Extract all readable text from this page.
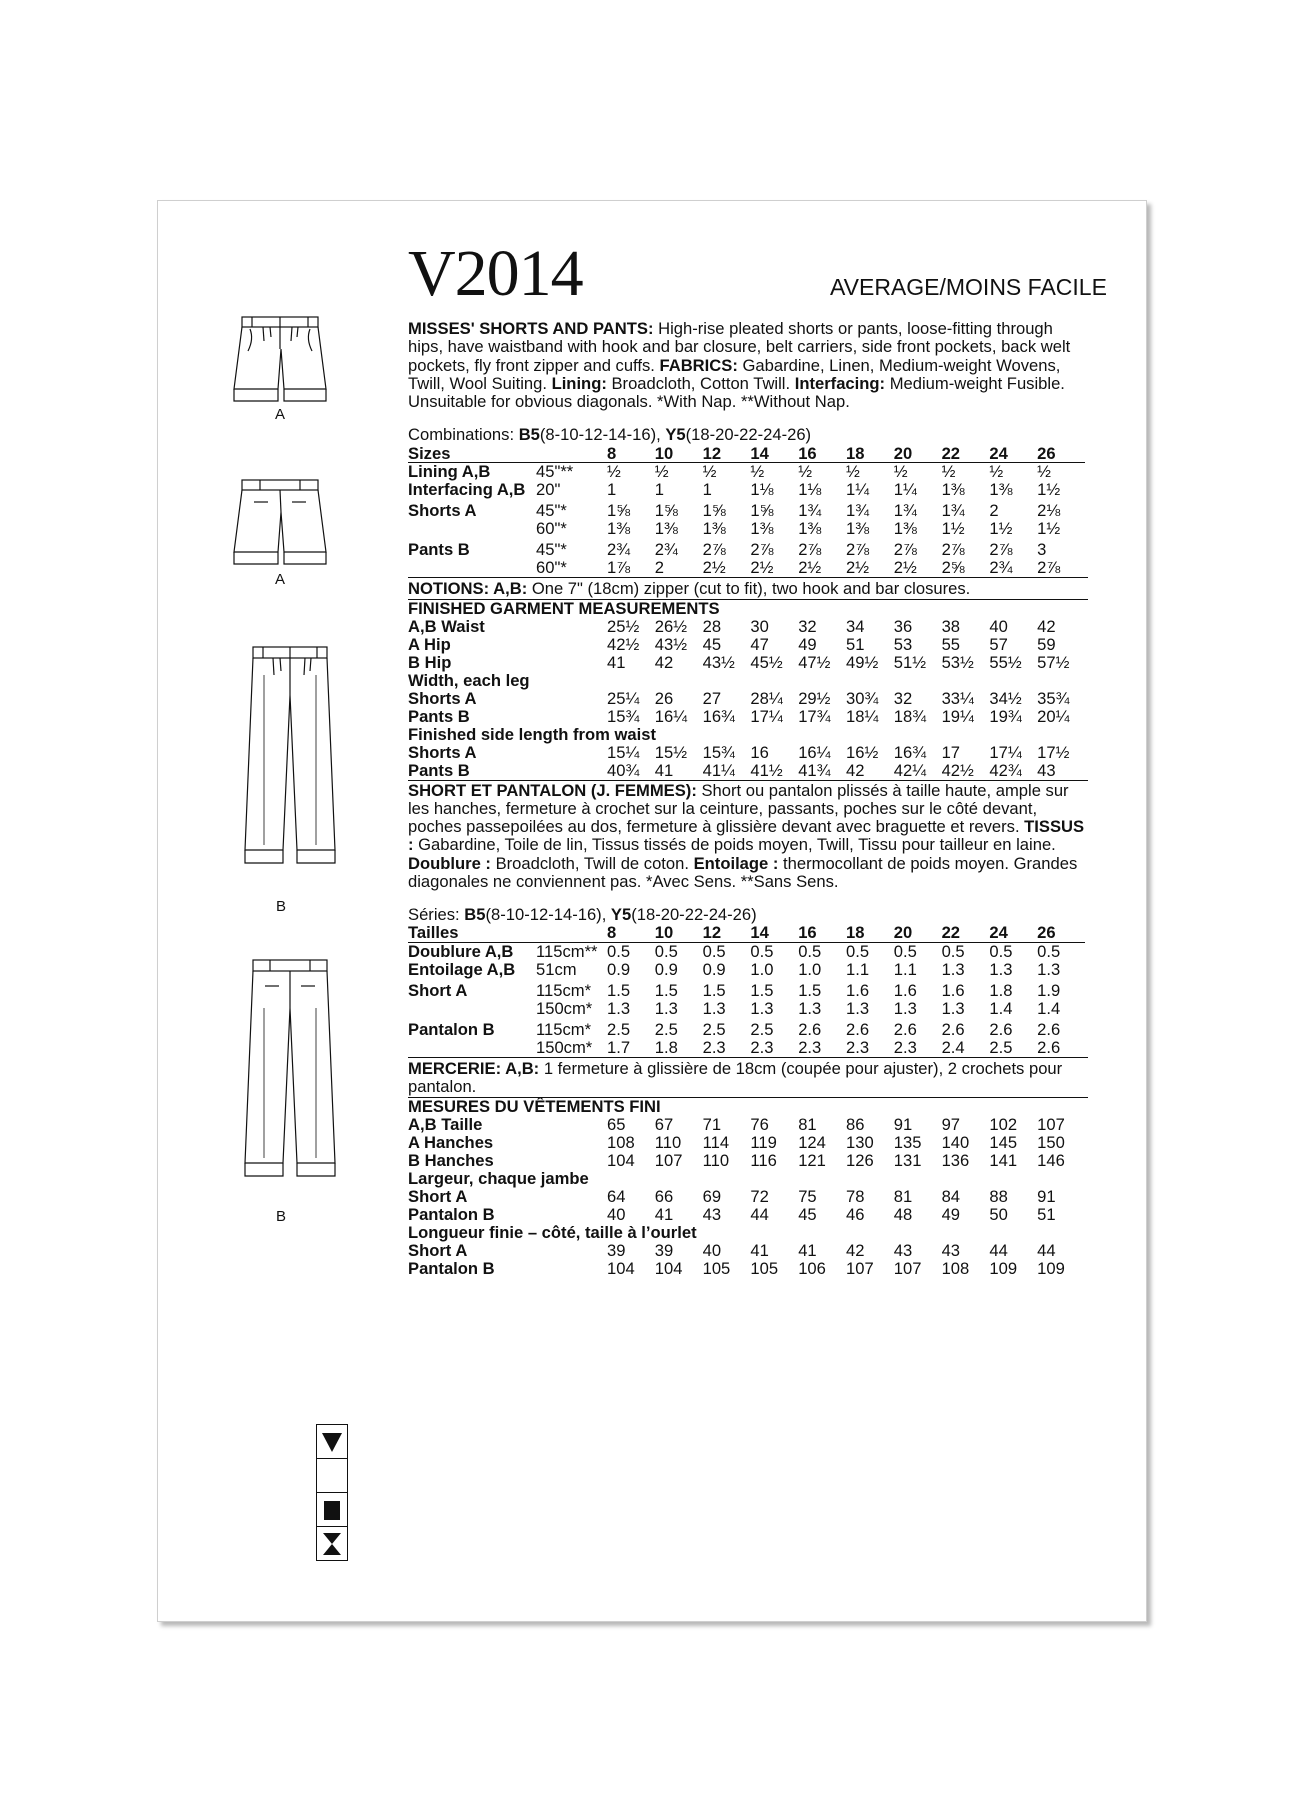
V2014	AVERAGE/MOINS FACILE
A
A
B
B

MISSES' SHORTS AND PANTS: High-rise pleated shorts or pants, loose-fitting through hips, have waistband with hook and bar closure, belt carriers, side front pockets, back welt pockets, fly front zipper and cuffs. FABRICS: Gabardine, Linen, Medium-weight Wovens, Twill, Wool Suiting. Lining: Broadcloth, Cotton Twill. Interfacing: Medium-weight Fusible. Unsuitable for obvious diagonals. *With Nap. **Without Nap.

Combinations: B5(8-10-12-14-16), Y5(18-20-22-24-26)
Sizes		8	10	12	14	16	18	20	22	24	26
Lining A,B	45"**	½	½	½	½	½	½	½	½	½	½
Interfacing A,B	20"	1	1	1	1⅛	1⅛	1¼	1¼	1⅜	1⅜	1½
Shorts A	45"*	1⅝	1⅝	1⅝	1⅝	1¾	1¾	1¾	1¾	2	2⅛
	60"*	1⅜	1⅜	1⅜	1⅜	1⅜	1⅜	1⅜	1½	1½	1½
Pants B	45"*	2¾	2¾	2⅞	2⅞	2⅞	2⅞	2⅞	2⅞	2⅞	3
	60"*	1⅞	2	2½	2½	2½	2½	2½	2⅝	2¾	2⅞
NOTIONS: A,B: One 7" (18cm) zipper (cut to fit), two hook and bar closures.
FINISHED GARMENT MEASUREMENTS
A,B Waist	25½	26½	28	30	32	34	36	38	40	42
A Hip	42½	43½	45	47	49	51	53	55	57	59
B Hip	41	42	43½	45½	47½	49½	51½	53½	55½	57½
Width, each leg										
Shorts A	25¼	26	27	28¼	29½	30¾	32	33¼	34½	35¾
Pants B	15¾	16¼	16¾	17¼	17¾	18¼	18¾	19¼	19¾	20¼
Finished side length from waist										
Shorts A	15¼	15½	15¾	16	16¼	16½	16¾	17	17¼	17½
Pants B	40¾	41	41¼	41½	41¾	42	42¼	42½	42¾	43

SHORT ET PANTALON (J. FEMMES): Short ou pantalon plissés à taille haute, ample sur les hanches, fermeture à crochet sur la ceinture, passants, poches sur le côté devant, poches passepoilées au dos, fermeture à glissière devant avec braguette et revers. TISSUS : Gabardine, Toile de lin, Tissus tissés de poids moyen, Twill, Tissu pour tailleur en laine. Doublure : Broadcloth, Twill de coton. Entoilage : thermocollant de poids moyen. Grandes diagonales ne conviennent pas. *Avec Sens. **Sans Sens.

Séries: B5(8-10-12-14-16), Y5(18-20-22-24-26)
Tailles		8	10	12	14	16	18	20	22	24	26
Doublure A,B	115cm**	0.5	0.5	0.5	0.5	0.5	0.5	0.5	0.5	0.5	0.5
Entoilage A,B	51cm	0.9	0.9	0.9	1.0	1.0	1.1	1.1	1.3	1.3	1.3
Short A	115cm*	1.5	1.5	1.5	1.5	1.5	1.6	1.6	1.6	1.8	1.9
	150cm*	1.3	1.3	1.3	1.3	1.3	1.3	1.3	1.3	1.4	1.4
Pantalon B	115cm*	2.5	2.5	2.5	2.5	2.6	2.6	2.6	2.6	2.6	2.6
	150cm*	1.7	1.8	2.3	2.3	2.3	2.3	2.3	2.4	2.5	2.6
MERCERIE: A,B: 1 fermeture à glissière de 18cm (coupée pour ajuster), 2 crochets pour pantalon.
MESURES DU VÊTEMENTS FINI
A,B Taille	65	67	71	76	81	86	91	97	102	107
A Hanches	108	110	114	119	124	130	135	140	145	150
B Hanches	104	107	110	116	121	126	131	136	141	146
Largeur, chaque jambe										
Short A	64	66	69	72	75	78	81	84	88	91
Pantalon B	40	41	43	44	45	46	48	49	50	51
Longueur finie – côté, taille à l’ourlet										
Short A	39	39	40	41	41	42	43	43	44	44
Pantalon B	104	104	105	105	106	107	107	108	109	109
